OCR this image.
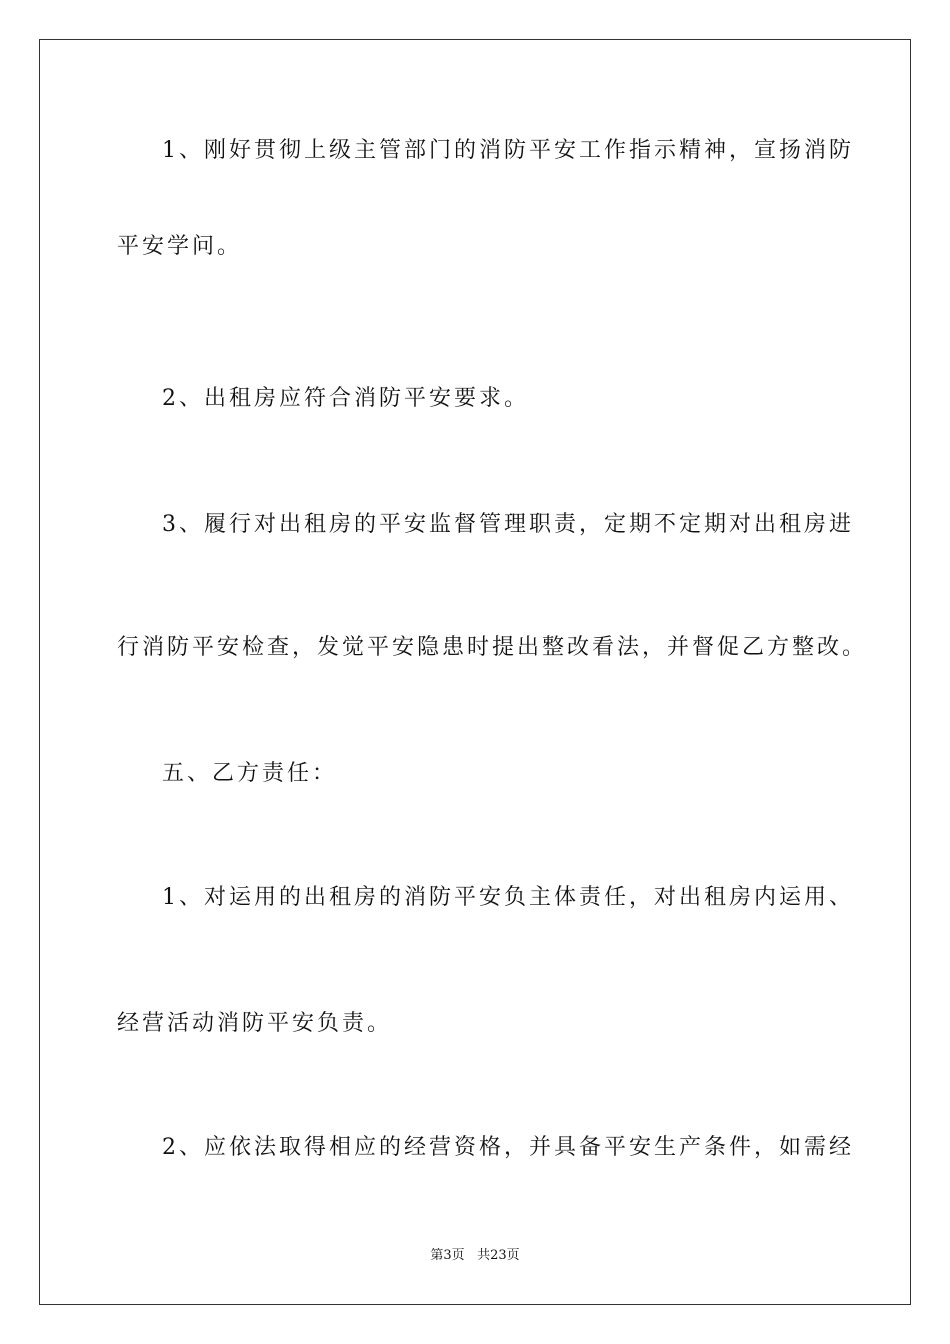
1、刚好贯彻上级主管部门的消防平安工作指示精神，宣扬消防
平安学问。
2、出租房应符合消防平安要求。
3、履行对出租房的平安监督管理职责，定期不定期对出租房进
行消防平安检查，发觉平安隐患时提出整改看法，并督促乙方整改。
五、乙方责任：
1、对运用的出租房的消防平安负主体责任，对出租房内运用、
经营活动消防平安负责。
2、应依法取得相应的经营资格，并具备平安生产条件，如需经
第3页 共23页
